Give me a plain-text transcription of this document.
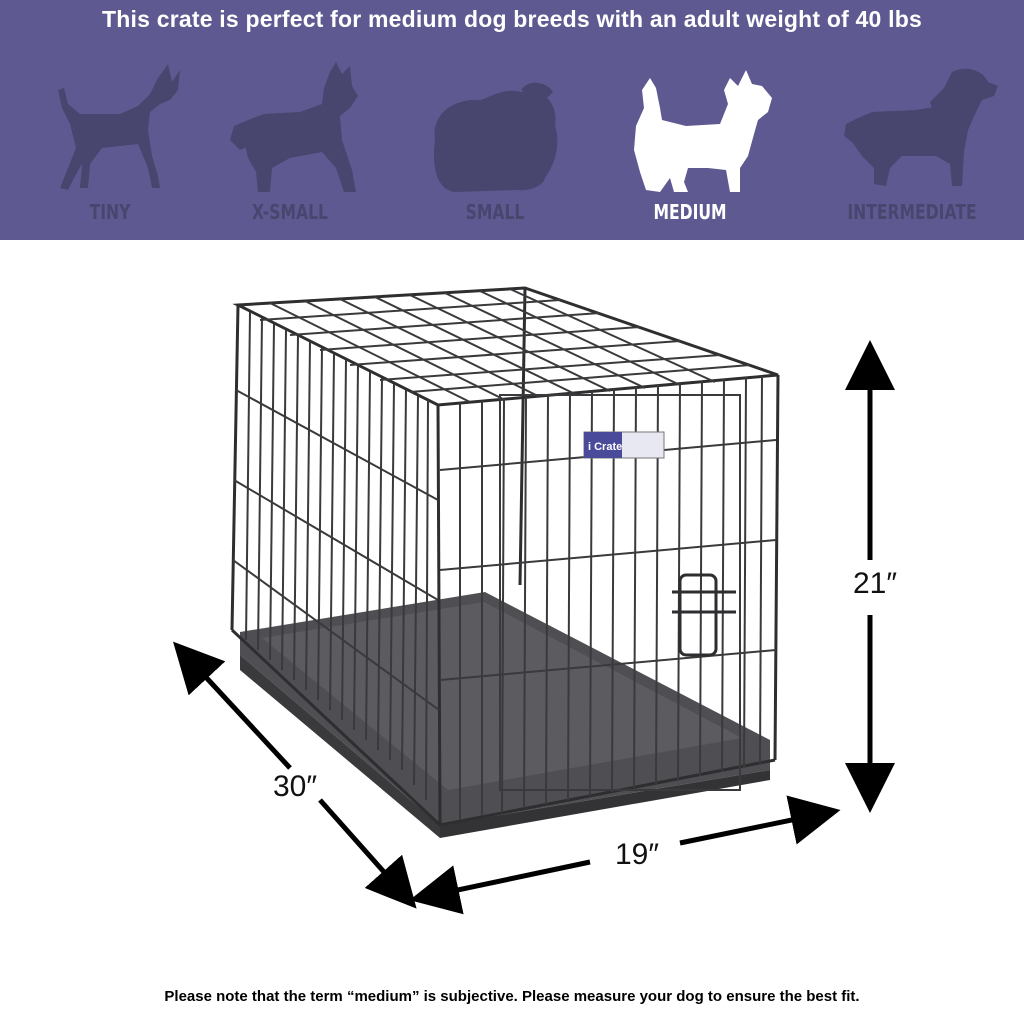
This crate is perfect for medium dog breeds with an adult weight of 40 lbs
TINY	X-SMALL	SMALL	MEDIUM	INTERMEDIATE
i Crate
21″
30″
19″
Please note that the term “medium” is subjective. Please measure your dog to ensure the best fit.
